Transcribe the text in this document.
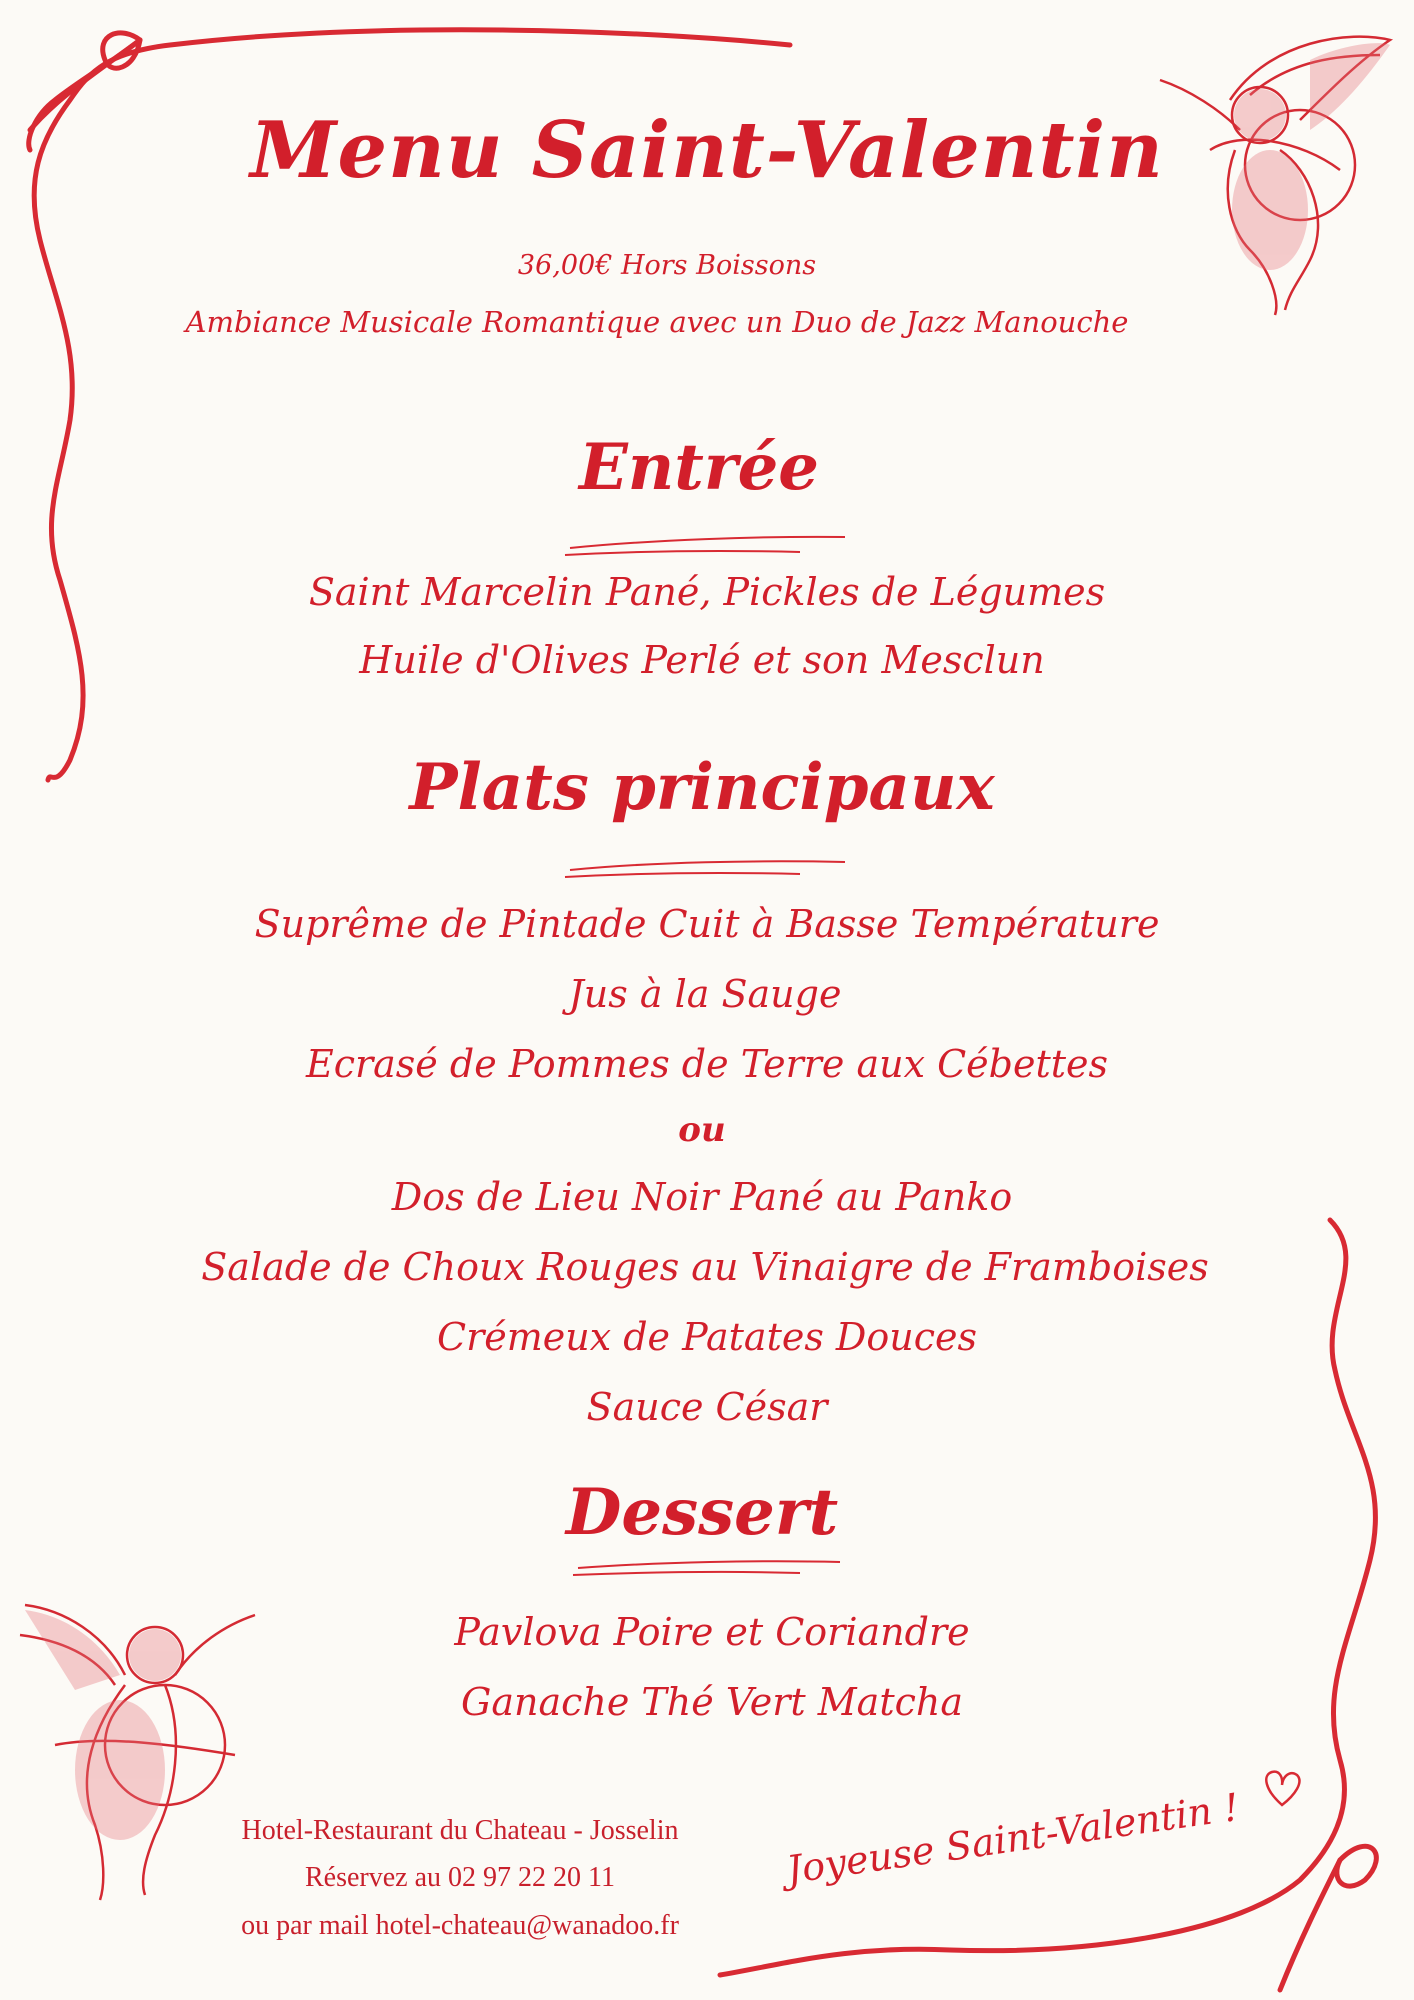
Menu Saint-Valentin
36,00€ Hors Boissons
Ambiance Musicale Romantique avec un Duo de Jazz Manouche
Entrée
Saint Marcelin Pané, Pickles de Légumes
Huile d'Olives Perlé et son Mesclun
Plats principaux
Suprême de Pintade Cuit à Basse Température
Jus à la Sauge
Ecrasé de Pommes de Terre aux Cébettes
ou
Dos de Lieu Noir Pané au Panko
Salade de Choux Rouges au Vinaigre de Framboises
Crémeux de Patates Douces
Sauce César
Dessert
Pavlova Poire et Coriandre
Ganache Thé Vert Matcha
Hotel-Restaurant du Chateau - Josselin
Réservez au 02 97 22 20 11
ou par mail hotel-chateau@wanadoo.fr
Joyeuse Saint-Valentin !
